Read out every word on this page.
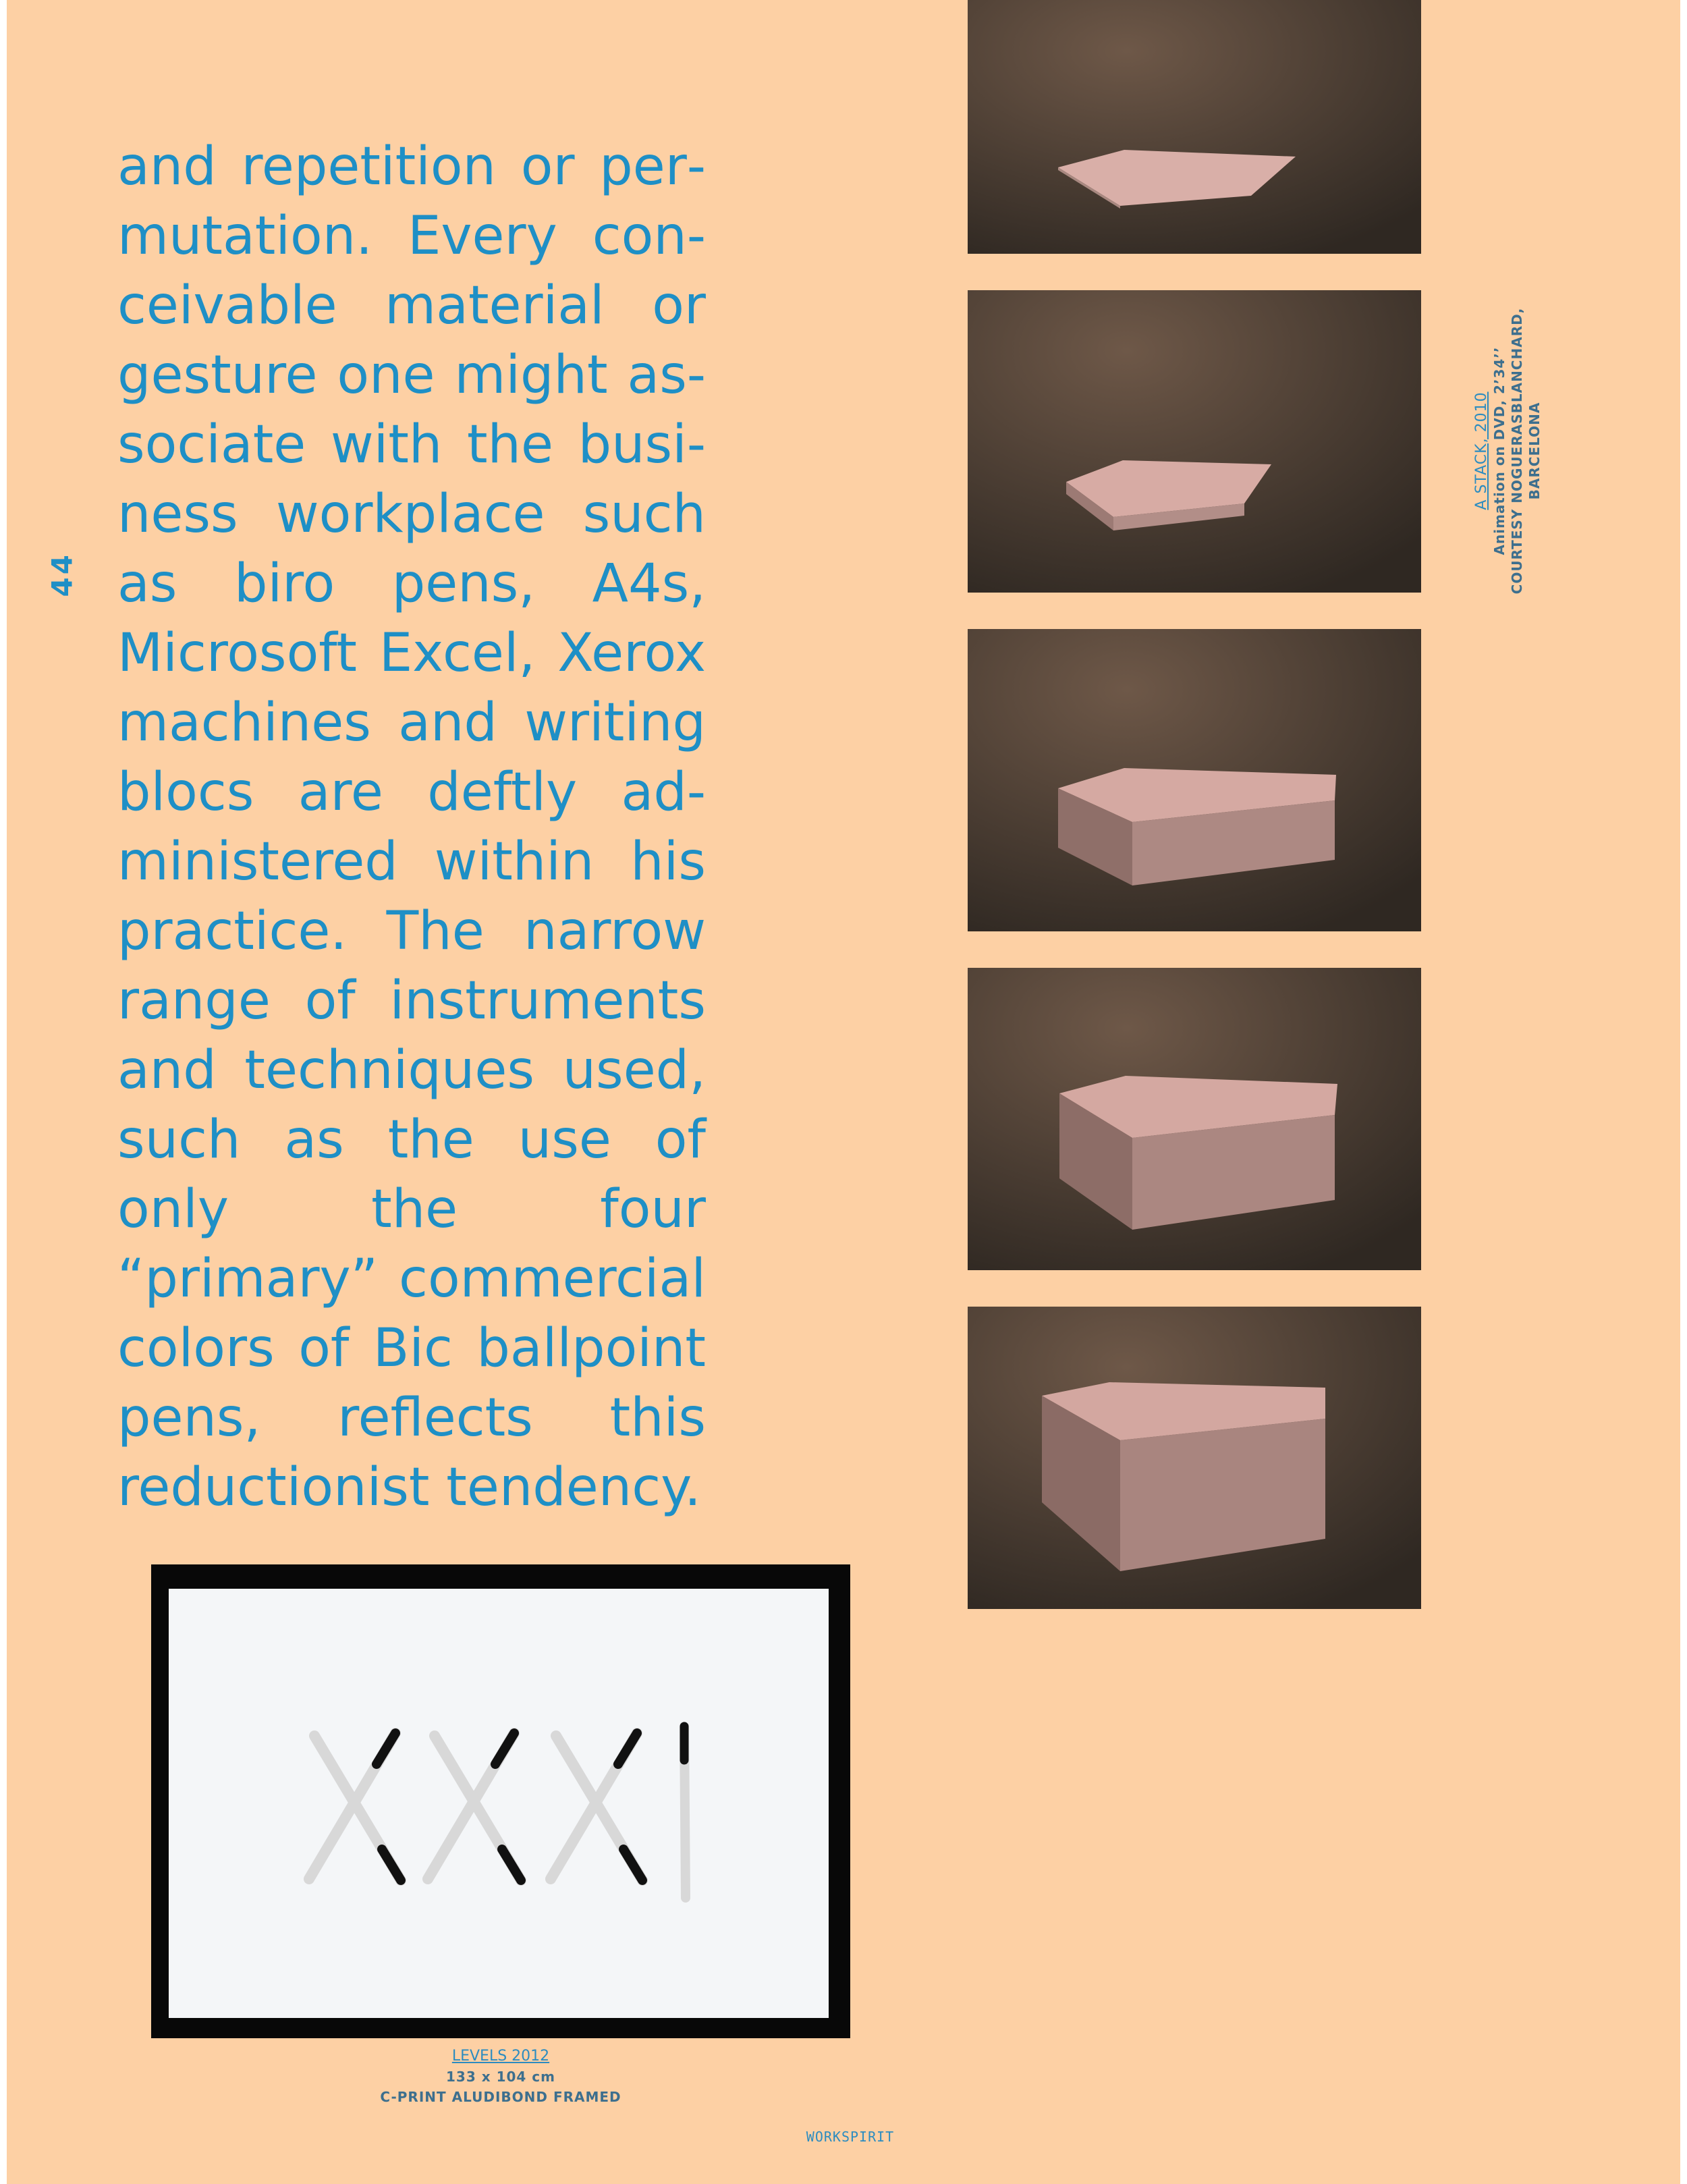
44
and repetition or permutation. Every conceivable material or gesture one might associate with the business workplace such as biro pens, A4s, Microsoft Excel, Xerox machines and writing blocs are deftly administered within his practice. The narrow range of instruments and techniques used, such as the use of only the four “primary” commercial colors of Bic ballpoint pens, reflects this reductionist tendency.
A STACK, 2010 Animation on DVD, 2’34’’ COURTESY NOGUERASBLANCHARD, BARCELONA
LEVELS 2012
133 x 104 cm
C-PRINT ALUDIBOND FRAMED
WORKSPIRIT
